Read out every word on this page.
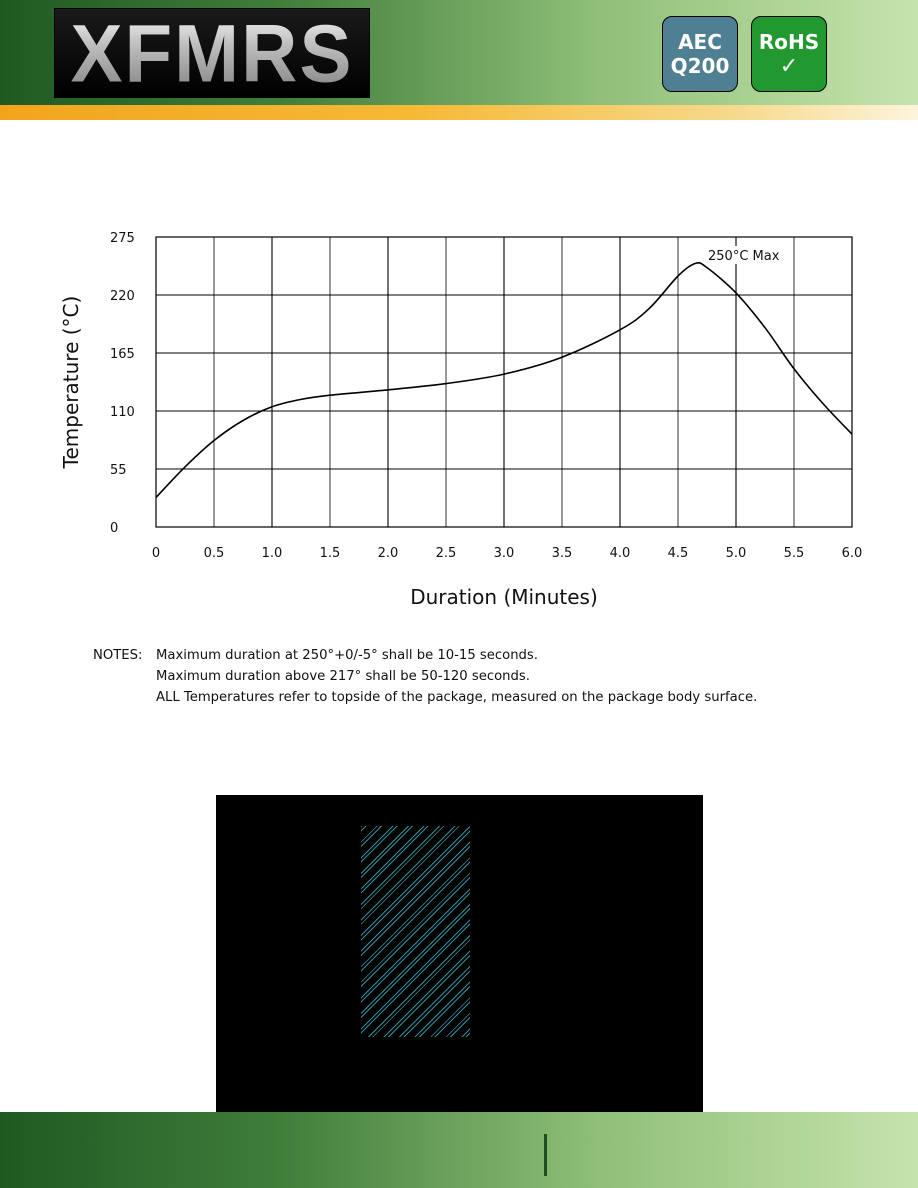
XFMRS	AEC
Q200
RoHS
✓
0	0.5	1.0	1.5	2.0	2.5	3.0	3.5	4.0	4.5	5.0	5.5	6.0
275
220
165
110
55
0
250°C Max
Duration (Minutes)
Temperature (°C)
NOTES: Maximum duration at 250°+0/-5° shall be 10-15 seconds.
Maximum duration above 217° shall be 50-120 seconds.
ALL Temperatures refer to topside of the package, measured on the package body surface.
